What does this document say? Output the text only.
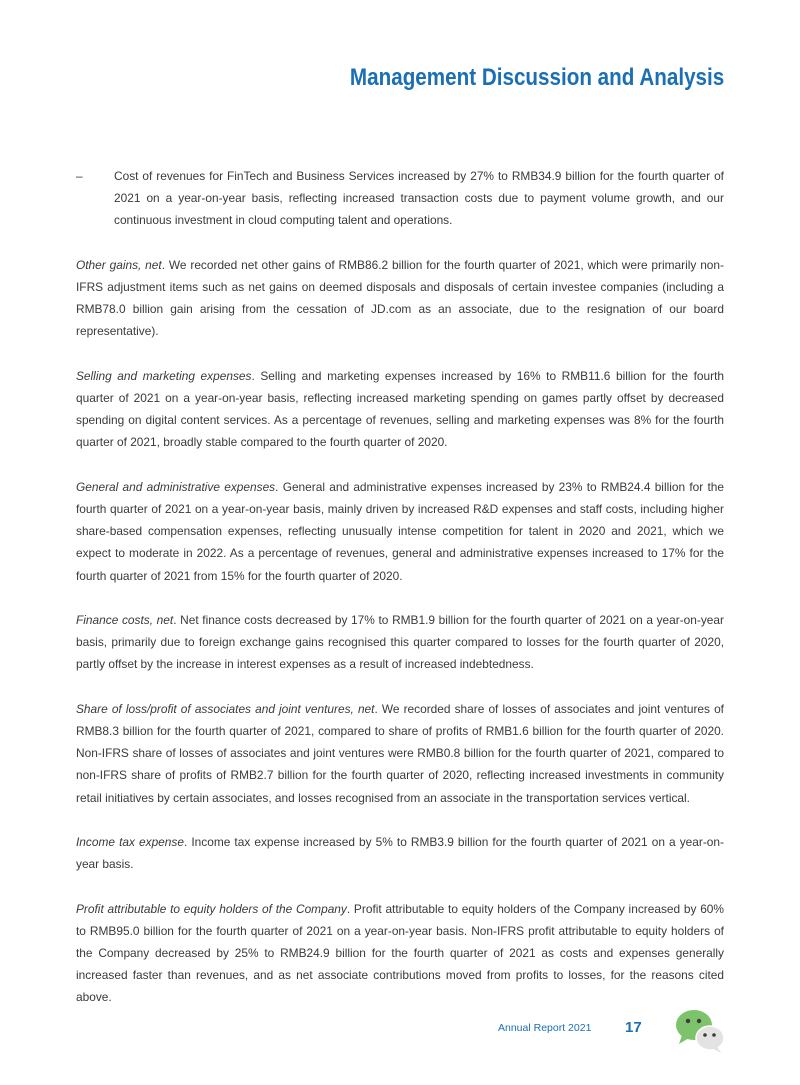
Management Discussion and Analysis

–	Cost of revenues for FinTech and Business Services increased by 27% to RMB34.9 billion for the fourth quarter of 2021 on a year-on-year basis, reflecting increased transaction costs due to payment volume growth, and our continuous investment in cloud computing talent and operations.

Other gains, net. We recorded net other gains of RMB86.2 billion for the fourth quarter of 2021, which were primarily non-IFRS adjustment items such as net gains on deemed disposals and disposals of certain investee companies (including a RMB78.0 billion gain arising from the cessation of JD.com as an associate, due to the resignation of our board representative).

Selling and marketing expenses. Selling and marketing expenses increased by 16% to RMB11.6 billion for the fourth quarter of 2021 on a year-on-year basis, reflecting increased marketing spending on games partly offset by decreased spending on digital content services. As a percentage of revenues, selling and marketing expenses was 8% for the fourth quarter of 2021, broadly stable compared to the fourth quarter of 2020.

General and administrative expenses. General and administrative expenses increased by 23% to RMB24.4 billion for the fourth quarter of 2021 on a year-on-year basis, mainly driven by increased R&D expenses and staff costs, including higher share-based compensation expenses, reflecting unusually intense competition for talent in 2020 and 2021, which we expect to moderate in 2022. As a percentage of revenues, general and administrative expenses increased to 17% for the fourth quarter of 2021 from 15% for the fourth quarter of 2020.

Finance costs, net. Net finance costs decreased by 17% to RMB1.9 billion for the fourth quarter of 2021 on a year-on-year basis, primarily due to foreign exchange gains recognised this quarter compared to losses for the fourth quarter of 2020, partly offset by the increase in interest expenses as a result of increased indebtedness.

Share of loss/profit of associates and joint ventures, net. We recorded share of losses of associates and joint ventures of RMB8.3 billion for the fourth quarter of 2021, compared to share of profits of RMB1.6 billion for the fourth quarter of 2020. Non-IFRS share of losses of associates and joint ventures were RMB0.8 billion for the fourth quarter of 2021, compared to non-IFRS share of profits of RMB2.7 billion for the fourth quarter of 2020, reflecting increased investments in community retail initiatives by certain associates, and losses recognised from an associate in the transportation services vertical.

Income tax expense. Income tax expense increased by 5% to RMB3.9 billion for the fourth quarter of 2021 on a year-on-year basis.

Profit attributable to equity holders of the Company. Profit attributable to equity holders of the Company increased by 60% to RMB95.0 billion for the fourth quarter of 2021 on a year-on-year basis. Non-IFRS profit attributable to equity holders of the Company decreased by 25% to RMB24.9 billion for the fourth quarter of 2021 as costs and expenses generally increased faster than revenues, and as net associate contributions moved from profits to losses, for the reasons cited above.

Annual Report 2021 17
